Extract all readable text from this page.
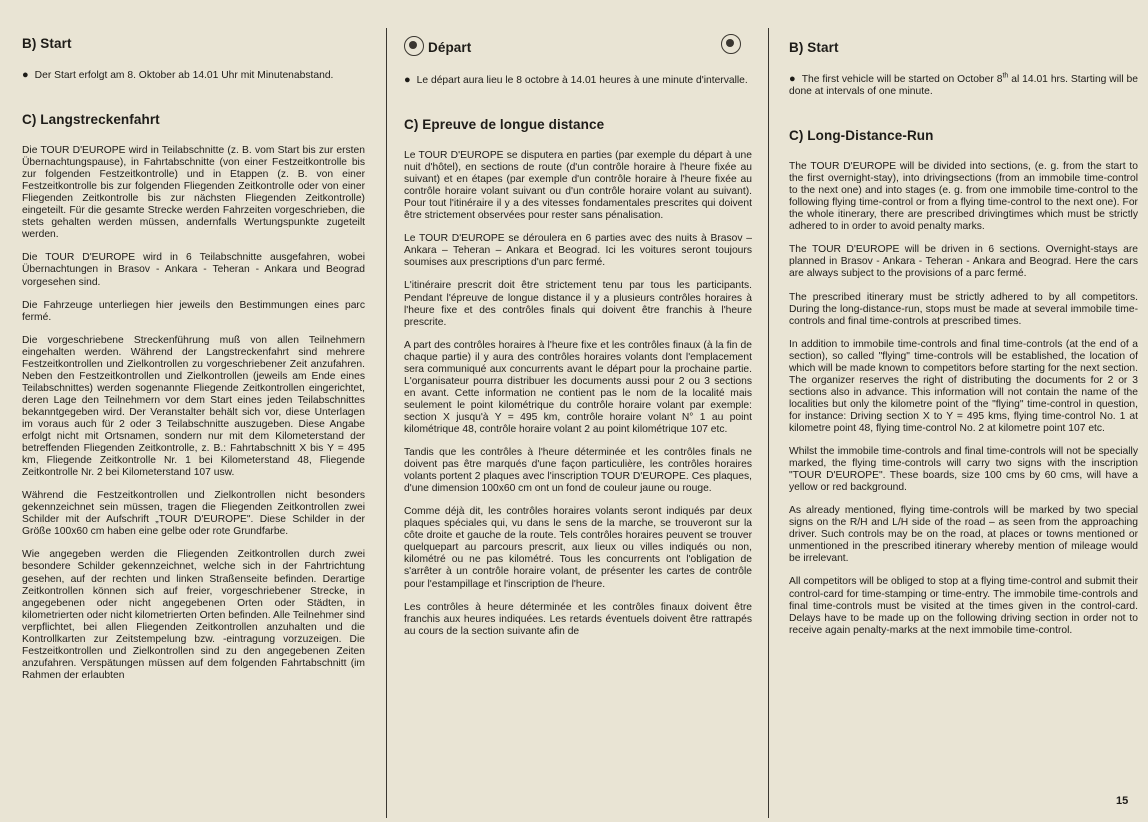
B) Start

● Der Start erfolgt am 8. Oktober ab 14.01 Uhr mit Minutenabstand.

C) Langstreckenfahrt

Die TOUR D'EUROPE wird in Teilabschnitte (z. B. vom Start bis zur ersten Übernachtungspause), in Fahrtabschnitte (von einer Festzeitkontrolle bis zur folgenden Festzeitkontrolle) und in Etappen (z. B. von einer Festzeitkontrolle bis zur folgenden Fliegenden Zeitkontrolle oder von einer Fliegenden Zeitkontrolle bis zur nächsten Fliegenden Zeitkontrolle) eingeteilt. Für die gesamte Strecke werden Fahrzeiten vorgeschrieben, die stets gehalten werden müssen, andernfalls Wertungspunkte zugeteilt werden.

Die TOUR D'EUROPE wird in 6 Teilabschnitte ausgefahren, wobei Übernachtungen in Brasov - Ankara - Teheran - Ankara und Beograd vorgesehen sind.

Die Fahrzeuge unterliegen hier jeweils den Bestimmungen eines parc fermé.

Die vorgeschriebene Streckenführung muß von allen Teilnehmern eingehalten werden. Während der Langstreckenfahrt sind mehrere Festzeitkontrollen und Zielkontrollen zu vorgeschriebener Zeit anzufahren. Neben den Festzeitkontrollen und Zielkontrollen (jeweils am Ende eines Teilabschnittes) werden sogenannte Fliegende Zeitkontrollen eingerichtet, deren Lage den Teilnehmern vor dem Start eines jeden Teilabschnittes bekanntgegeben wird. Der Veranstalter behält sich vor, diese Unterlagen im voraus auch für 2 oder 3 Teilabschnitte auszugeben. Diese Angabe erfolgt nicht mit Ortsnamen, sondern nur mit dem Kilometerstand der betreffenden Fliegenden Zeitkontrolle, z. B.: Fahrtabschnitt X bis Y = 495 km, Fliegende Zeitkontrolle Nr. 1 bei Kilometerstand 48, Fliegende Zeitkontrolle Nr. 2 bei Kilometerstand 107 usw.

Während die Festzeitkontrollen und Zielkontrollen nicht besonders gekennzeichnet sein müssen, tragen die Fliegenden Zeitkontrollen zwei Schilder mit der Aufschrift „TOUR D'EUROPE". Diese Schilder in der Größe 100x60 cm haben eine gelbe oder rote Grundfarbe.

Wie angegeben werden die Fliegenden Zeitkontrollen durch zwei besondere Schilder gekennzeichnet, welche sich in der Fahrtrichtung gesehen, auf der rechten und linken Straßenseite befinden. Derartige Zeitkontrollen können sich auf freier, vorgeschriebener Strecke, in angegebenen oder nicht angegebenen Orten oder Städten, in kilometrierten oder nicht kilometrierten Orten befinden. Alle Teilnehmer sind verpflichtet, bei allen Fliegenden Zeitkontrollen anzuhalten und die Kontrollkarten zur Zeitstempelung bzw. -eintragung vorzuzeigen. Die Festzeitkontrollen und Zielkontrollen sind zu den angegebenen Zeiten anzufahren. Verspätungen müssen auf dem folgenden Fahrtabschnitt (im Rahmen der erlaubten

Départ

● Le départ aura lieu le 8 octobre à 14.01 heures à une minute d'intervalle.

C) Epreuve de longue distance

Le TOUR D'EUROPE se disputera en parties (par exemple du départ à une nuit d'hôtel), en sections de route (d'un contrôle horaire à l'heure fixée au suivant) et en étapes (par exemple d'un contrôle horaire à l'heure fixée au contrôle horaire volant suivant ou d'un contrôle horaire volant au suivant). Pour tout l'itinéraire il y a des vitesses fondamentales prescrites qui doivent être strictement observées pour rester sans pénalisation.

Le TOUR D'EUROPE se déroulera en 6 parties avec des nuits à Brasov – Ankara – Teheran – Ankara et Beograd. Ici les voitures seront toujours soumises aux prescriptions d'un parc fermé.

L'itinéraire prescrit doit être strictement tenu par tous les participants. Pendant l'épreuve de longue distance il y a plusieurs contrôles horaires à l'heure fixe et des contrôles finals qui doivent être franchis à l'heure prescrite.

A part des contrôles horaires à l'heure fixe et les contrôles finaux (à la fin de chaque partie) il y aura des contrôles horaires volants dont l'emplacement sera communiqué aux concurrents avant le départ pour la prochaine partie. L'organisateur pourra distribuer les documents aussi pour 2 ou 3 sections en avant. Cette information ne contient pas le nom de la localité mais seulement le point kilométrique du contrôle horaire volant par exemple: section X jusqu'à Y = 495 km, contrôle horaire volant N° 1 au point kilométrique 48, contrôle horaire volant 2 au point kilométrique 107 etc.

Tandis que les contrôles à l'heure déterminée et les contrôles finals ne doivent pas être marqués d'une façon particulière, les contrôles horaires volants portent 2 plaques avec l'inscription TOUR D'EUROPE. Ces plaques, d'une dimension 100x60 cm ont un fond de couleur jaune ou rouge.

Comme déjà dit, les contrôles horaires volants seront indiqués par deux plaques spéciales qui, vu dans le sens de la marche, se trouveront sur la côte droite et gauche de la route. Tels contrôles horaires peuvent se trouver quelquepart au parcours prescrit, aux lieux ou villes indiqués ou non, kilométré ou ne pas kilométré. Tous les concurrents ont l'obligation de s'arrêter à un contrôle horaire volant, de présenter les cartes de contrôle pour l'estampillage et l'inscription de l'heure.

Les contrôles à heure déterminée et les contrôles finaux doivent être franchis aux heures indiquées. Les retards éventuels doivent être rattrapés au cours de la section suivante afin de

B) Start

● The first vehicle will be started on October 8th al 14.01 hrs. Starting will be done at intervals of one minute.

C) Long-Distance-Run

The TOUR D'EUROPE will be divided into sections, (e. g. from the start to the first overnight-stay), into drivingsections (from an immobile time-control to the next one) and into stages (e. g. from one immobile time-control to the following flying time-control or from a flying time-control to the next one). For the whole itinerary, there are prescribed drivingtimes which must be strictly adhered to in order to avoid penalty marks.

The TOUR D'EUROPE will be driven in 6 sections. Overnight-stays are planned in Brasov - Ankara - Teheran - Ankara and Beograd. Here the cars are always subject to the provisions of a parc fermé.

The prescribed itinerary must be strictly adhered to by all competitors. During the long-distance-run, stops must be made at several immobile time-controls and final time-controls at prescribed times.

In addition to immobile time-controls and final time-controls (at the end of a section), so called "flying" time-controls will be established, the location of which will be made known to competitors before starting for the next section. The organizer reserves the right of distributing the documents for 2 or 3 sections also in advance. This information will not contain the name of the localities but only the kilometre point of the "flying" time-control in question, for instance: Driving section X to Y = 495 kms, flying time-control No. 1 at kilometre point 48, flying time-control No. 2 at kilometre point 107 etc.

Whilst the immobile time-controls and final time-controls will not be specially marked, the flying time-controls will carry two signs with the inscription "TOUR D'EUROPE". These boards, size 100 cms by 60 cms, will have a yellow or red background.

As already mentioned, flying time-controls will be marked by two special signs on the R/H and L/H side of the road – as seen from the approaching driver. Such controls may be on the road, at places or towns mentioned or unmentioned in the prescribed itinerary whereby mention of mileage would be irrelevant.

All competitors will be obliged to stop at a flying time-control and submit their control-card for time-stamping or time-entry. The immobile time-controls and final time-controls must be visited at the times given in the control-card. Delays have to be made up on the following driving section in order not to receive again penalty-marks at the next immobile time-control.

15
